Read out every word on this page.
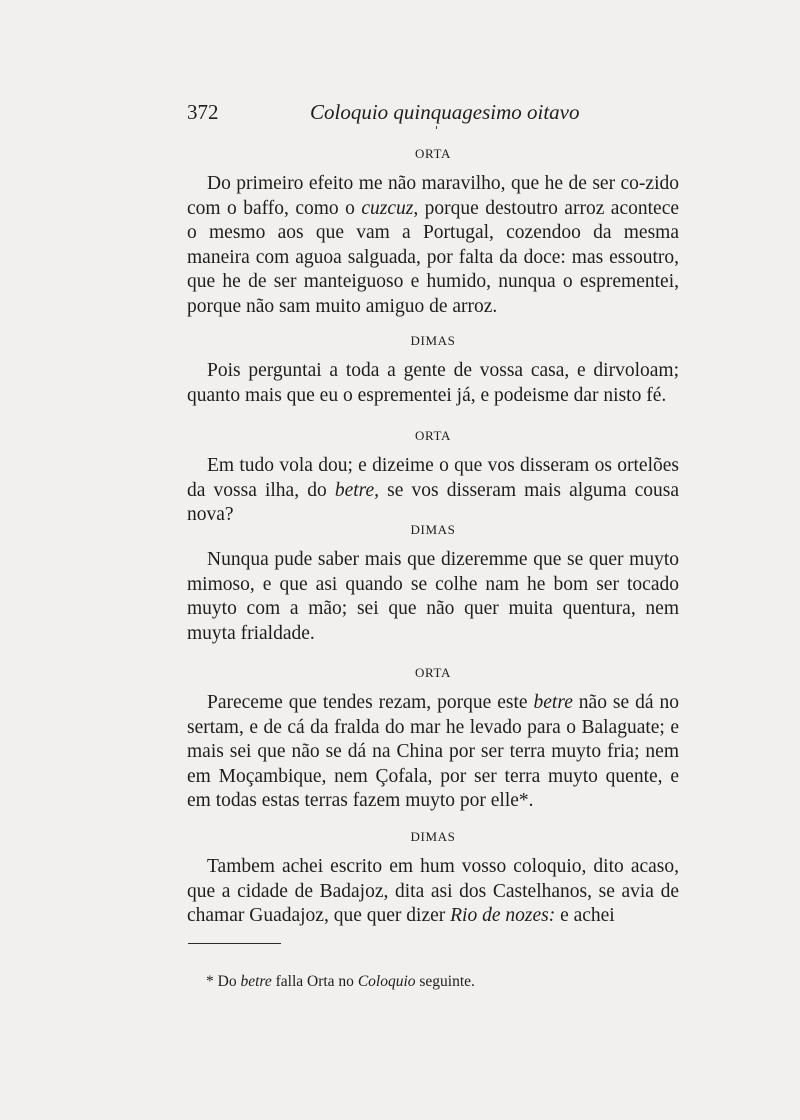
372	Coloquio quinquagesimo oitavo
ORTA
Do primeiro efeito me não maravilho, que he de ser co-zido com o baffo, como o cuzcuz, porque destoutro arroz acontece o mesmo aos que vam a Portugal, cozendoo da mesma maneira com aguoa salguada, por falta da doce: mas essoutro, que he de ser manteiguoso e humido, nunqua o esprementei, porque não sam muito amiguo de arroz.
DIMAS
Pois perguntai a toda a gente de vossa casa, e dirvoloam; quanto mais que eu o esprementei já, e podeisme dar nisto fé.
ORTA
Em tudo vola dou; e dizeime o que vos disseram os ortelões da vossa ilha, do betre, se vos disseram mais alguma cousa nova?
DIMAS
Nunqua pude saber mais que dizeremme que se quer muyto mimoso, e que asi quando se colhe nam he bom ser tocado muyto com a mão; sei que não quer muita quentura, nem muyta frialdade.
ORTA
Pareceme que tendes rezam, porque este betre não se dá no sertam, e de cá da fralda do mar he levado para o Balaguate; e mais sei que não se dá na China por ser terra muyto fria; nem em Moçambique, nem Çofala, por ser terra muyto quente, e em todas estas terras fazem muyto por elle*.
DIMAS
Tambem achei escrito em hum vosso coloquio, dito acaso, que a cidade de Badajoz, dita asi dos Castelhanos, se avia de chamar Guadajoz, que quer dizer Rio de nozes: e achei
* Do betre falla Orta no Coloquio seguinte.
